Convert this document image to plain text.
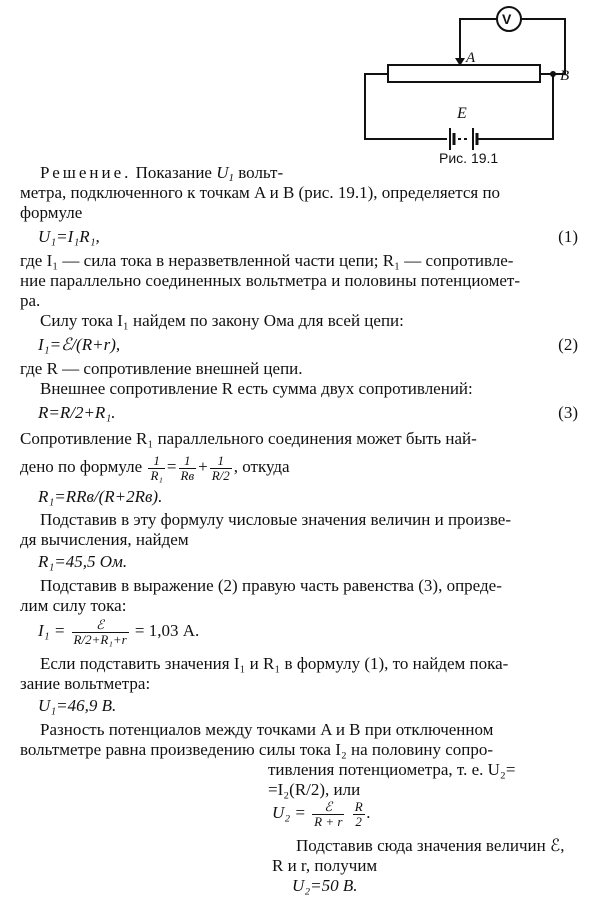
V
A
B
E
Рис. 19.1
Решение. Показание $U_1$ вольт-
метра, подключенного к точкам A и B (рис. 19.1), определяется по
формуле
U₁=I₁R₁,	(1)
где I₁ — сила тока в неразветвленной части цепи; R₁ — сопротивле-
ние параллельно соединенных вольтметра и половины потенциомет-
ра.
Силу тока I₁ найдем по закону Ома для всей цепи:
I₁=ℰ/(R+r),	(2)
где R — сопротивление внешней цепи.
Внешнее сопротивление R есть сумма двух сопротивлений:
R=R/2+R₁.	(3)
Сопротивление R₁ параллельного соединения может быть най-
дено по формуле $\frac{1}{\text{R₁}} = \frac{1}{Rв} + \frac{1}{R/2}$ , откуда
R₁=RRв/(R+2Rв).
Подставив в эту формулу числовые значения величин и произве-
дя вычисления, найдем
R₁=45,5 Ом.
Подставив в выражение (2) правую часть равенства (3), опреде-
лим силу тока:
$I_1 = \frac{\text{ℰ}}{\text{R/2+R₁+r}} = 1,03$ А.
Если подставить значения I₁ и R₁ в формулу (1), то найдем пока-
зание вольтметра:
U₁=46,9 В.
Разность потенциалов между точками A и B при отключенном
вольтметре равна произведению силы тока I₂ на половину сопро-
тивления потенциометра, т. е. U₂=
=I₂(R/2), или
$U_2 = \frac{\text{ℰ}}{R + r}$
$\frac{R}{2}$ .
Подставив сюда значения величин ℰ,
R и r, получим
U₂=50 В.
